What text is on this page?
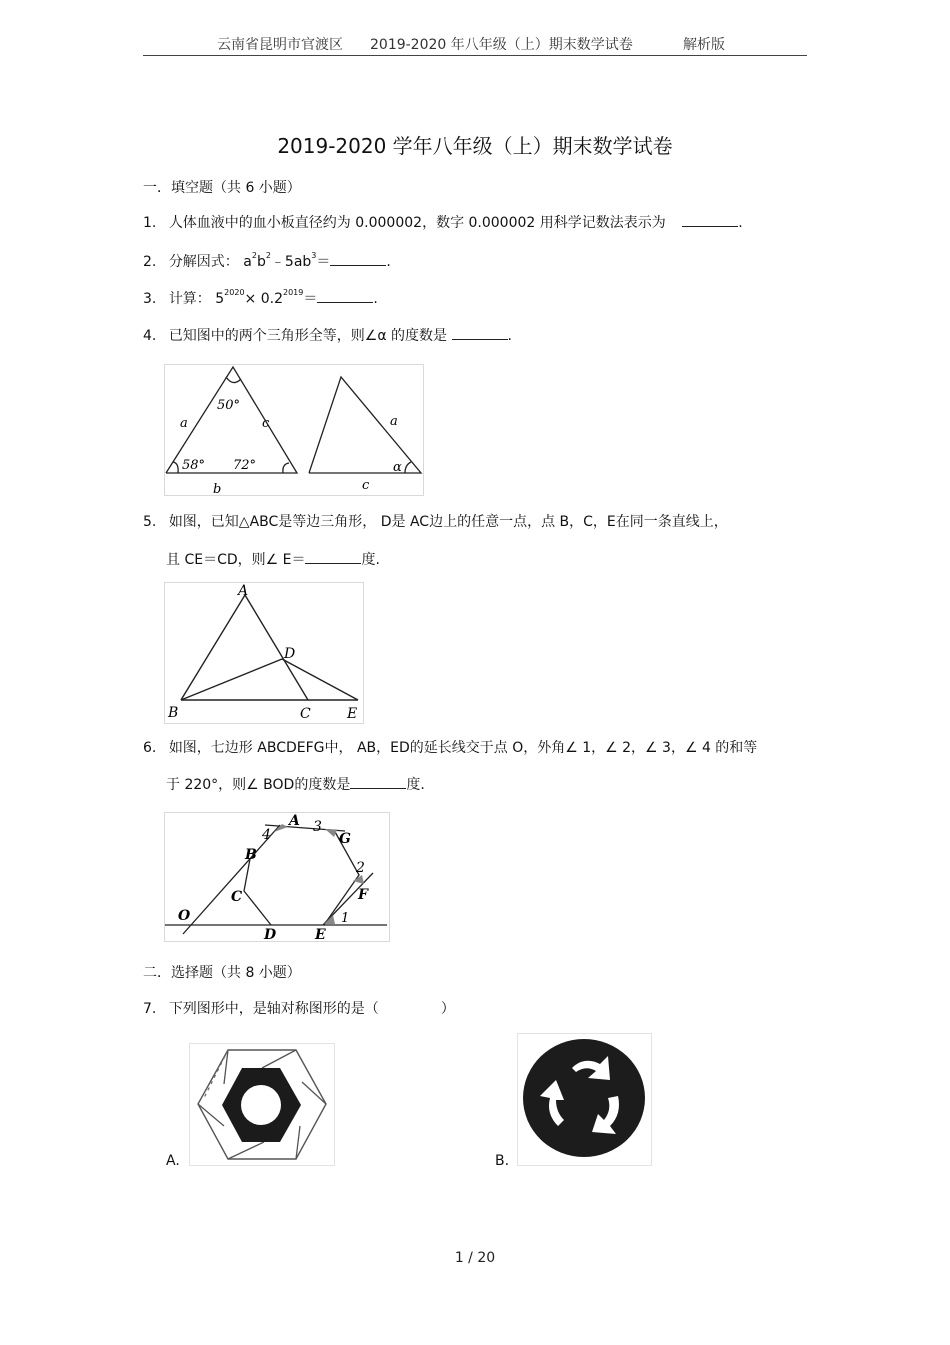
云南省昆明市官渡区 2019-2020 年八年级（上）期末数学试卷	解析版
2019-2020 学年八年级（上）期末数学试卷
一．填空题（共 6 小题）
1. 人体血液中的血小板直径约为 0.000002，数字 0.000002 用科学记数法表示为	.
2. 分解因式： $a^2b^2﹣5ab^3=$	.
3. 计算： $5^{2020}\times 0.2^{2019}=$	.
4. 已知图中的两个三角形全等，则∠α 的度数是	.
50°
a	c
58° 72°
b
a
α
c
5. 如图，已知△ABC是等边三角形， D是 AC边上的任意一点，点 B，C，E在同一条直线上，
且 CE＝CD，则∠ E＝	度.
A
D
B	C	E
6. 如图，七边形 ABCDEFG中， AB，ED的延长线交于点 O，外角∠ 1，∠ 2，∠ 3，∠ 4 的和等
于 220°，则∠ BOD的度数是	度.
A
4	3
G
B
2
F
C
O
D	E
1
二．选择题（共 8 小题）
7. 下列图形中，是轴对称图形的是（	）
A.	B.
1 / 20
